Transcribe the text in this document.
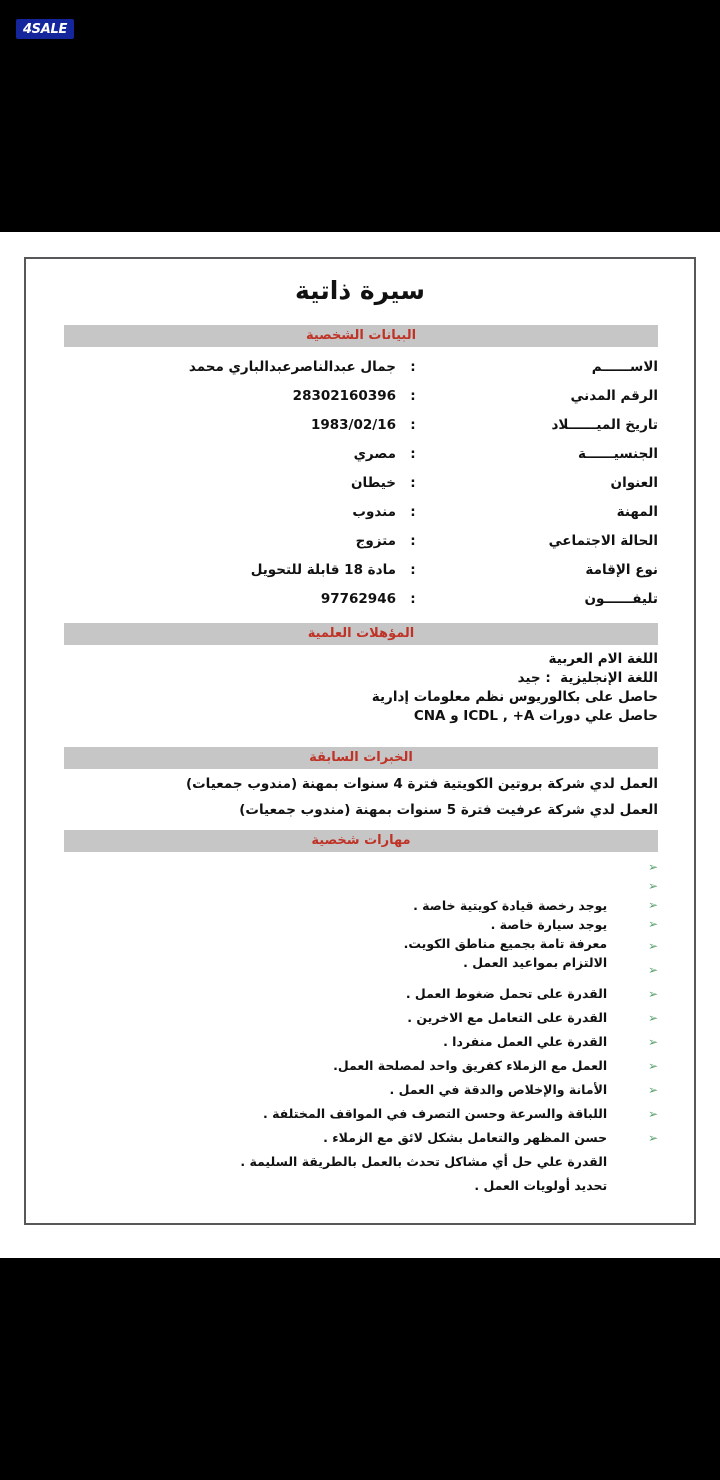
4SALE
سيرة ذاتية
البيانات الشخصية
الاســــــم
:
جمال عبدالناصرعبدالباري محمد
الرقم المدني
:
28302160396
تاريخ الميــــــلاد
:
1983/02/16
الجنسيــــــة
:
مصري
العنوان
:
خيطان
المهنة
:
مندوب
الحالة الاجتماعي
:
متزوج
نوع الإقامة
:
مادة 18 قابلة للتحويل
تليفــــــون
:
97762946
المؤهلات العلمية
اللغة الام العربية
اللغة الإنجليزية  : جيد
حاصل على بكالوريوس نظم معلومات إدارية
حاصل علي دورات ICDL , +A و CNA
الخبرات السابقة
العمل لدي شركة بروتين الكويتية فترة 4 سنوات بمهنة (مندوب جمعيات)
العمل لدي شركة عرفيت فترة 5 سنوات بمهنة (مندوب جمعيات)
مهارات شخصية

➢

يوجد رخصة قيادة كويتية خاصة .

➢

يوجد سيارة خاصة .

➢

معرفة تامة بجميع مناطق الكويت.

➢

الالتزام بمواعيد العمل .

➢

القدرة على تحمل ضغوط العمل .

➢

القدرة على التعامل مع الاخرين .

➢

القدرة علي العمل منفردا .

➢

العمل مع الزملاء كفريق واحد لمصلحة العمل.

➢

الأمانة والإخلاص والدقة في العمل .

➢

اللباقة والسرعة وحسن التصرف في المواقف المختلفة .

➢

حسن المظهر والتعامل بشكل لائق مع الزملاء .

➢

القدرة علي حل أي مشاكل تحدث بالعمل بالطريقة السليمة .

➢

تحديد أولويات العمل .
